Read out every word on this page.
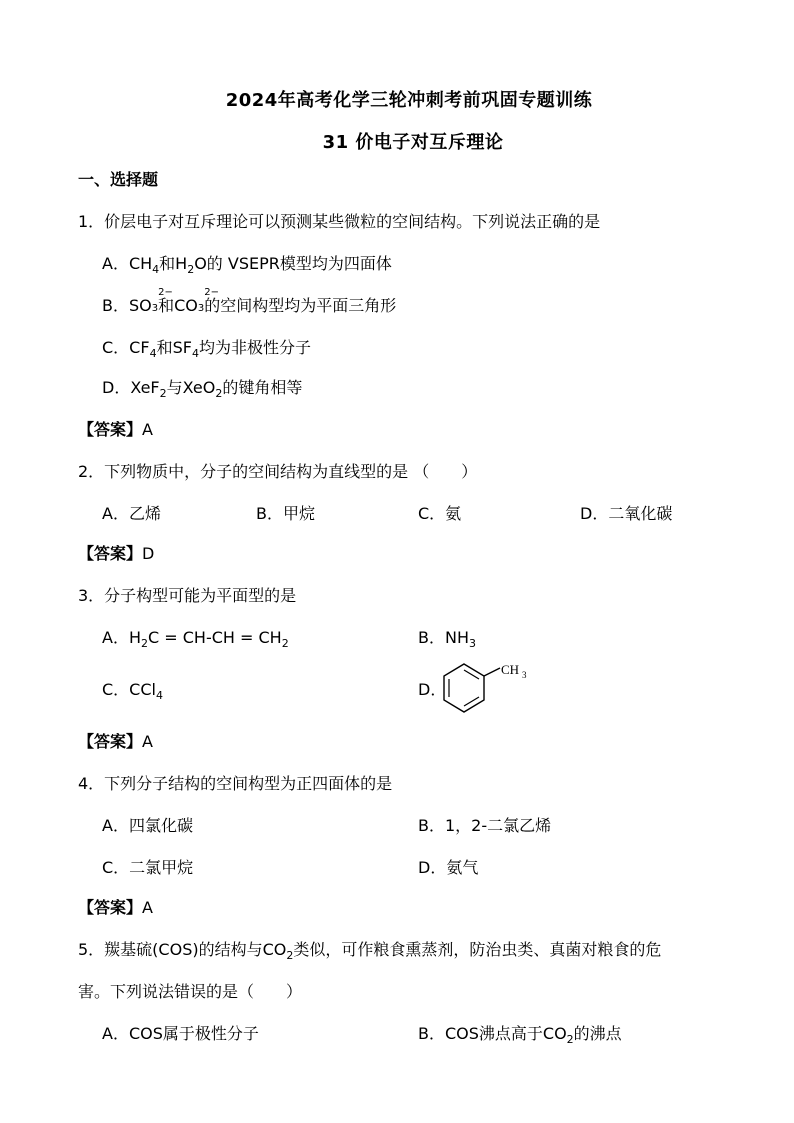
2024年高考化学三轮冲刺考前巩固专题训练
31 价电子对互斥理论
一、选择题
1．价层电子对互斥理论可以预测某些微粒的空间结构。下列说法正确的是
A．$CH_4$和$H_2O$的 VSEPR模型均为四面体
B．SO
2−
3和CO
2−
3的空间构型均为平面三角形
C．$CF_4$和$SF_4$均为非极性分子
D．XeF$_2$与XeO$_2$的键角相等
【答案】A
2．下列物质中，分子的空间结构为直线型的是 （　　）
A．乙烯	B．甲烷	C．氨	D．二氧化碳
【答案】D
3．分子构型可能为平面型的是
A．$H_2C = CH-CH = CH_2$	B．$NH_3$
C．CCl$_4$	D．
CH 3
【答案】A
4．下列分子结构的空间构型为正四面体的是
A．四氯化碳	B．1，2-二氯乙烯
C．二氯甲烷	D．氨气
【答案】A
5．羰基硫(COS)的结构与$CO_2$类似，可作粮食熏蒸剂，防治虫类、真菌对粮食的危
害。下列说法错误的是（　　）
A．COS属于极性分子	B．COS沸点高于$CO_2$的沸点
